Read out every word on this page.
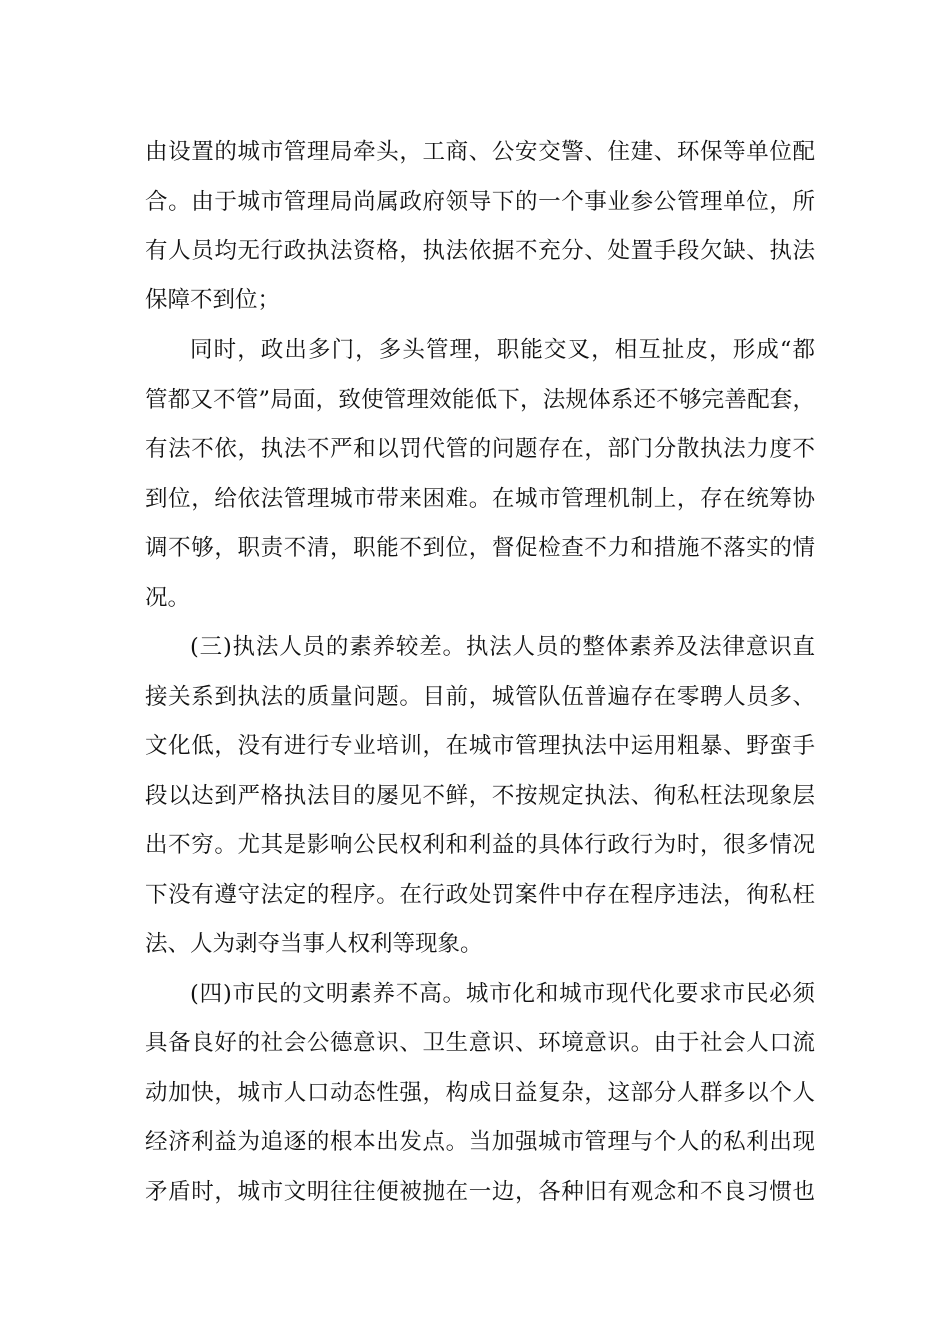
由设置的城市管理局牵头，工商、公安交警、住建、环保等单位配

合。由于城市管理局尚属政府领导下的一个事业参公管理单位，所

有人员均无行政执法资格，执法依据不充分、处置手段欠缺、执法

保障不到位；

同时，政出多门，多头管理，职能交叉，相互扯皮，形成“都

管都又不管”局面，致使管理效能低下，法规体系还不够完善配套，

有法不依，执法不严和以罚代管的问题存在，部门分散执法力度不

到位，给依法管理城市带来困难。在城市管理机制上，存在统筹协

调不够，职责不清，职能不到位，督促检查不力和措施不落实的情

况。

(三)执法人员的素养较差。执法人员的整体素养及法律意识直

接关系到执法的质量问题。目前，城管队伍普遍存在零聘人员多、

文化低，没有进行专业培训，在城市管理执法中运用粗暴、野蛮手

段以达到严格执法目的屡见不鲜，不按规定执法、徇私枉法现象层

出不穷。尤其是影响公民权利和利益的具体行政行为时，很多情况

下没有遵守法定的程序。在行政处罚案件中存在程序违法，徇私枉

法、人为剥夺当事人权利等现象。

(四)市民的文明素养不高。城市化和城市现代化要求市民必须

具备良好的社会公德意识、卫生意识、环境意识。由于社会人口流

动加快，城市人口动态性强，构成日益复杂，这部分人群多以个人

经济利益为追逐的根本出发点。当加强城市管理与个人的私利出现

矛盾时，城市文明往往便被抛在一边，各种旧有观念和不良习惯也
